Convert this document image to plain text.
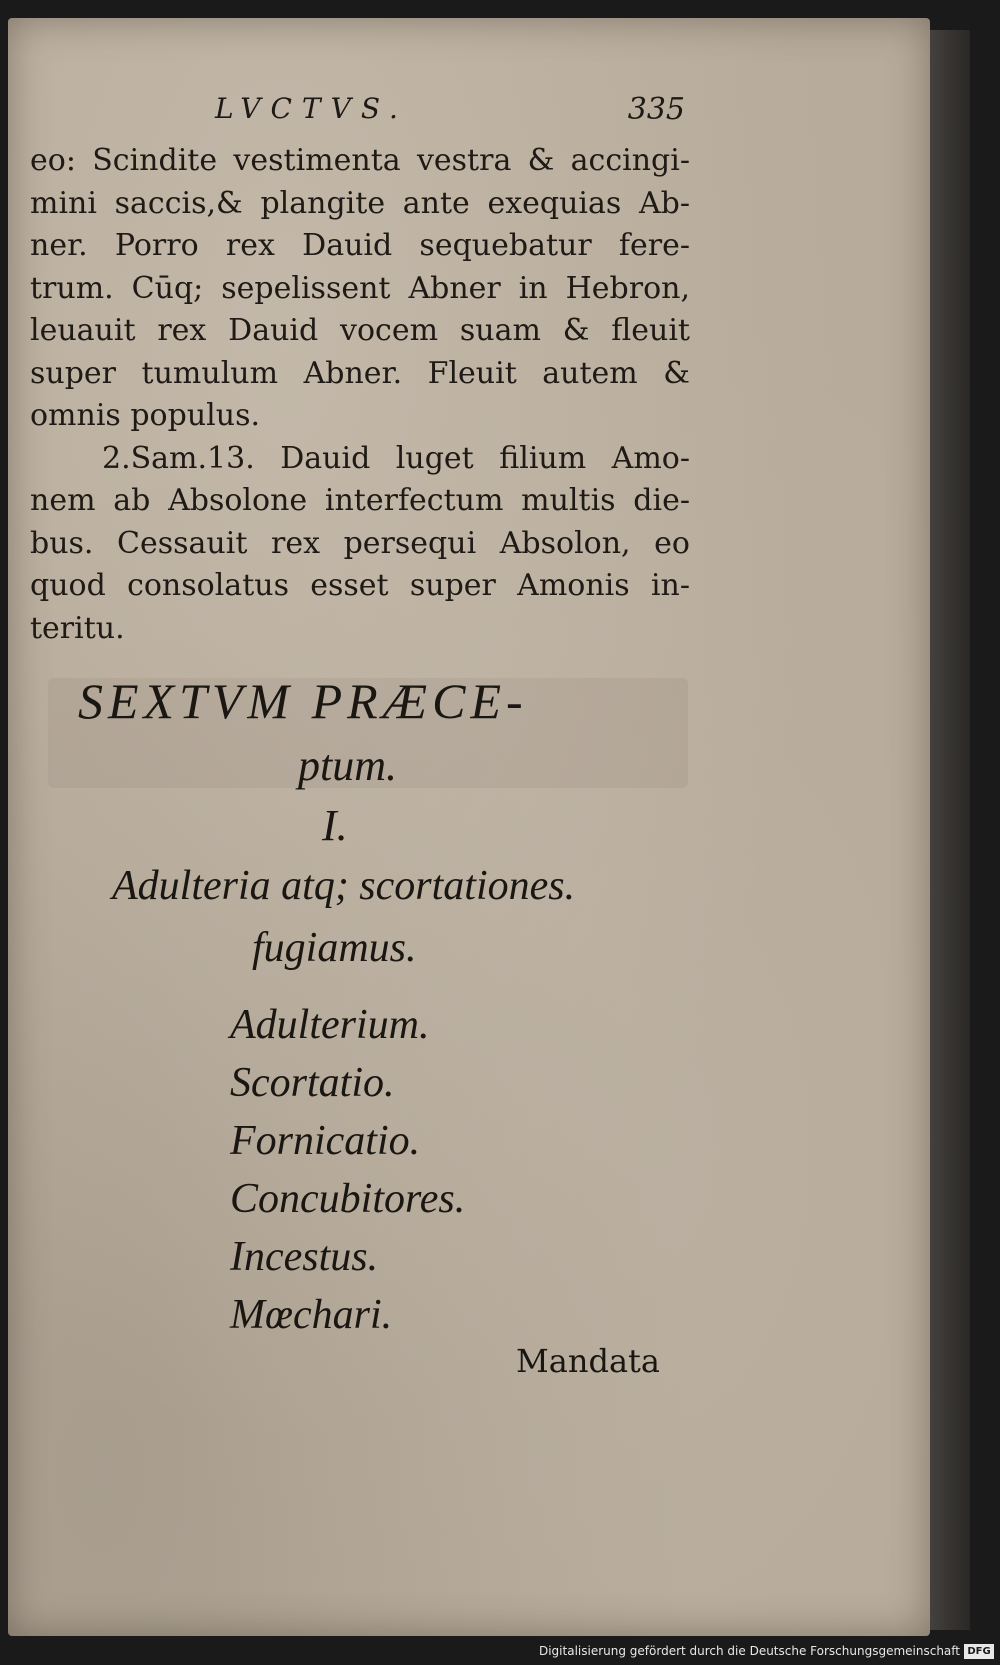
LVCTVS.	335
eo: Scindite vestimenta vestra & accingi-
mini saccis,& plangite ante exequias Ab-
ner. Porro rex Dauid sequebatur fere-
trum. Cūq; sepelissent Abner in Hebron,
leuauit rex Dauid vocem suam & fleuit
super tumulum Abner. Fleuit autem &
omnis populus.
2.Sam.13. Dauid luget filium Amo-
nem ab Absolone interfectum multis die-
bus. Cessauit rex persequi Absolon, eo
quod consolatus esset super Amonis in-
teritu.
SEXTVM PRÆCE-
ptum.
I.
Adulteria atq; scortationes.
fugiamus.
Adulterium.
Scortatio.
Fornicatio.
Concubitores.
Incestus.
Mœchari.
Mandata
Digitalisierung gefördert durch die Deutsche Forschungsgemeinschaft DFG
